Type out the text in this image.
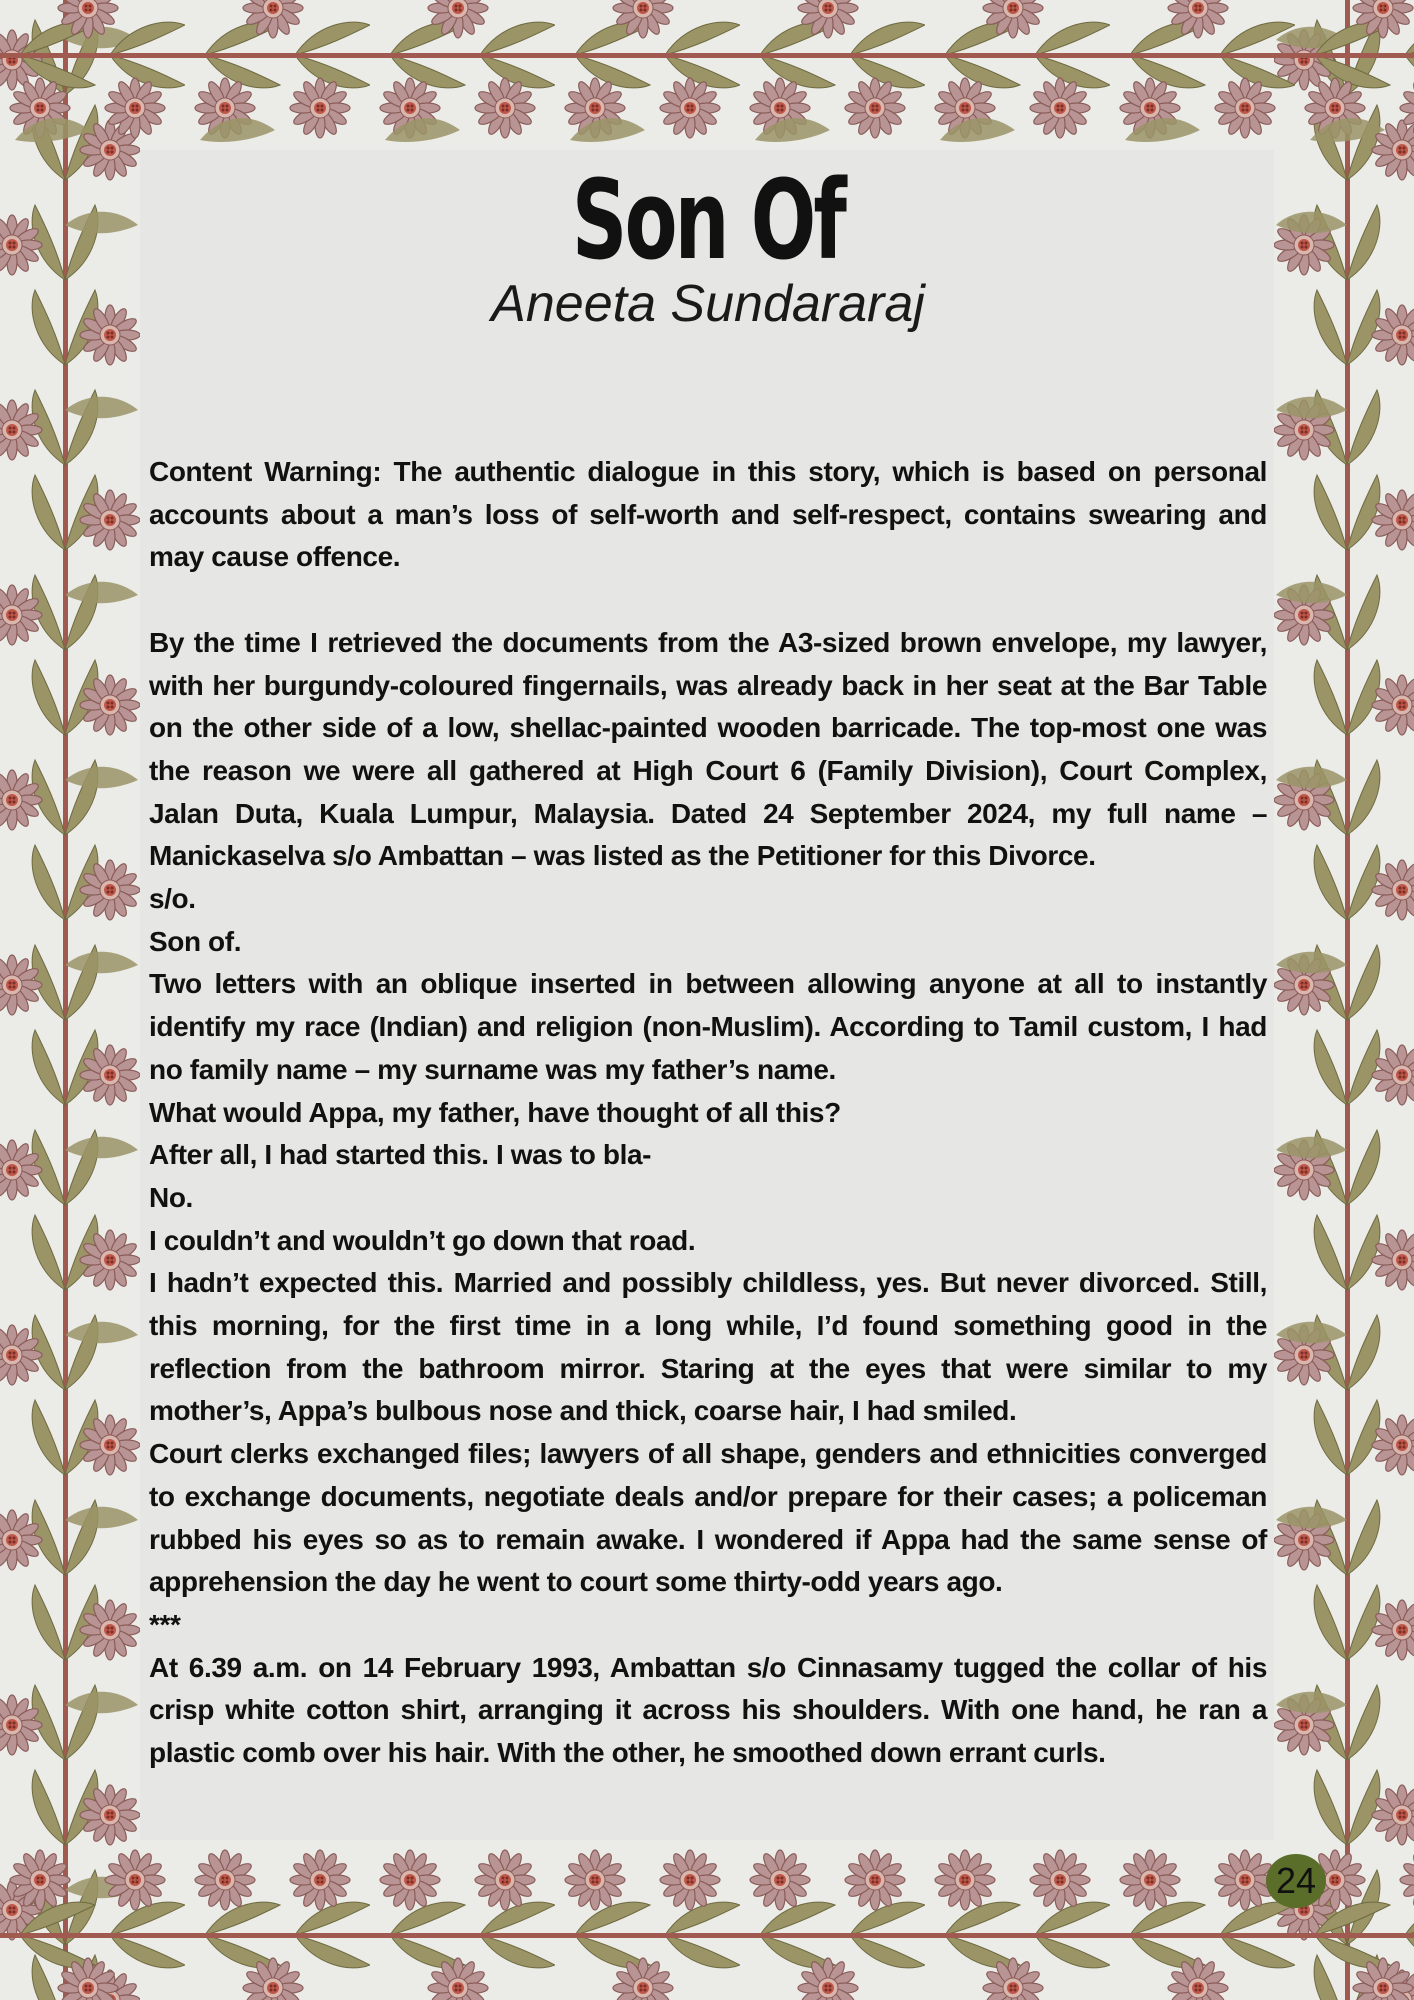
Son Of
Aneeta Sundararaj

Content Warning: The authentic dialogue in this story, which is based on personal accounts about a man’s loss of self-worth and self-respect, contains swearing and may cause offence.

By the time I retrieved the documents from the A3-sized brown envelope, my lawyer, with her burgundy-coloured fingernails, was already back in her seat at the Bar Table on the other side of a low, shellac-painted wooden barricade. The top-most one was the reason we were all gathered at High Court 6 (Family Division), Court Complex, Jalan Duta, Kuala Lumpur, Malaysia. Dated 24 September 2024, my full name – Manickaselva s/o Ambattan – was listed as the Petitioner for this Divorce.

s/o.

Son of.

Two letters with an oblique inserted in between allowing anyone at all to instantly identify my race (Indian) and religion (non-Muslim). According to Tamil custom, I had no family name – my surname was my father’s name.

What would Appa, my father, have thought of all this?

After all, I had started this. I was to bla-

No.

I couldn’t and wouldn’t go down that road.

I hadn’t expected this. Married and possibly childless, yes. But never divorced. Still, this morning, for the first time in a long while, I’d found something good in the reflection from the bathroom mirror. Staring at the eyes that were similar to my mother’s, Appa’s bulbous nose and thick, coarse hair, I had smiled.

Court clerks exchanged files; lawyers of all shape, genders and ethnicities converged to exchange documents, negotiate deals and/or prepare for their cases; a policeman rubbed his eyes so as to remain awake. I wondered if Appa had the same sense of apprehension the day he went to court some thirty-odd years ago.

***

At 6.39 a.m. on 14 February 1993, Ambattan s/o Cinnasamy tugged the collar of his crisp white cotton shirt, arranging it across his shoulders. With one hand, he ran a plastic comb over his hair. With the other, he smoothed down errant curls.

24
